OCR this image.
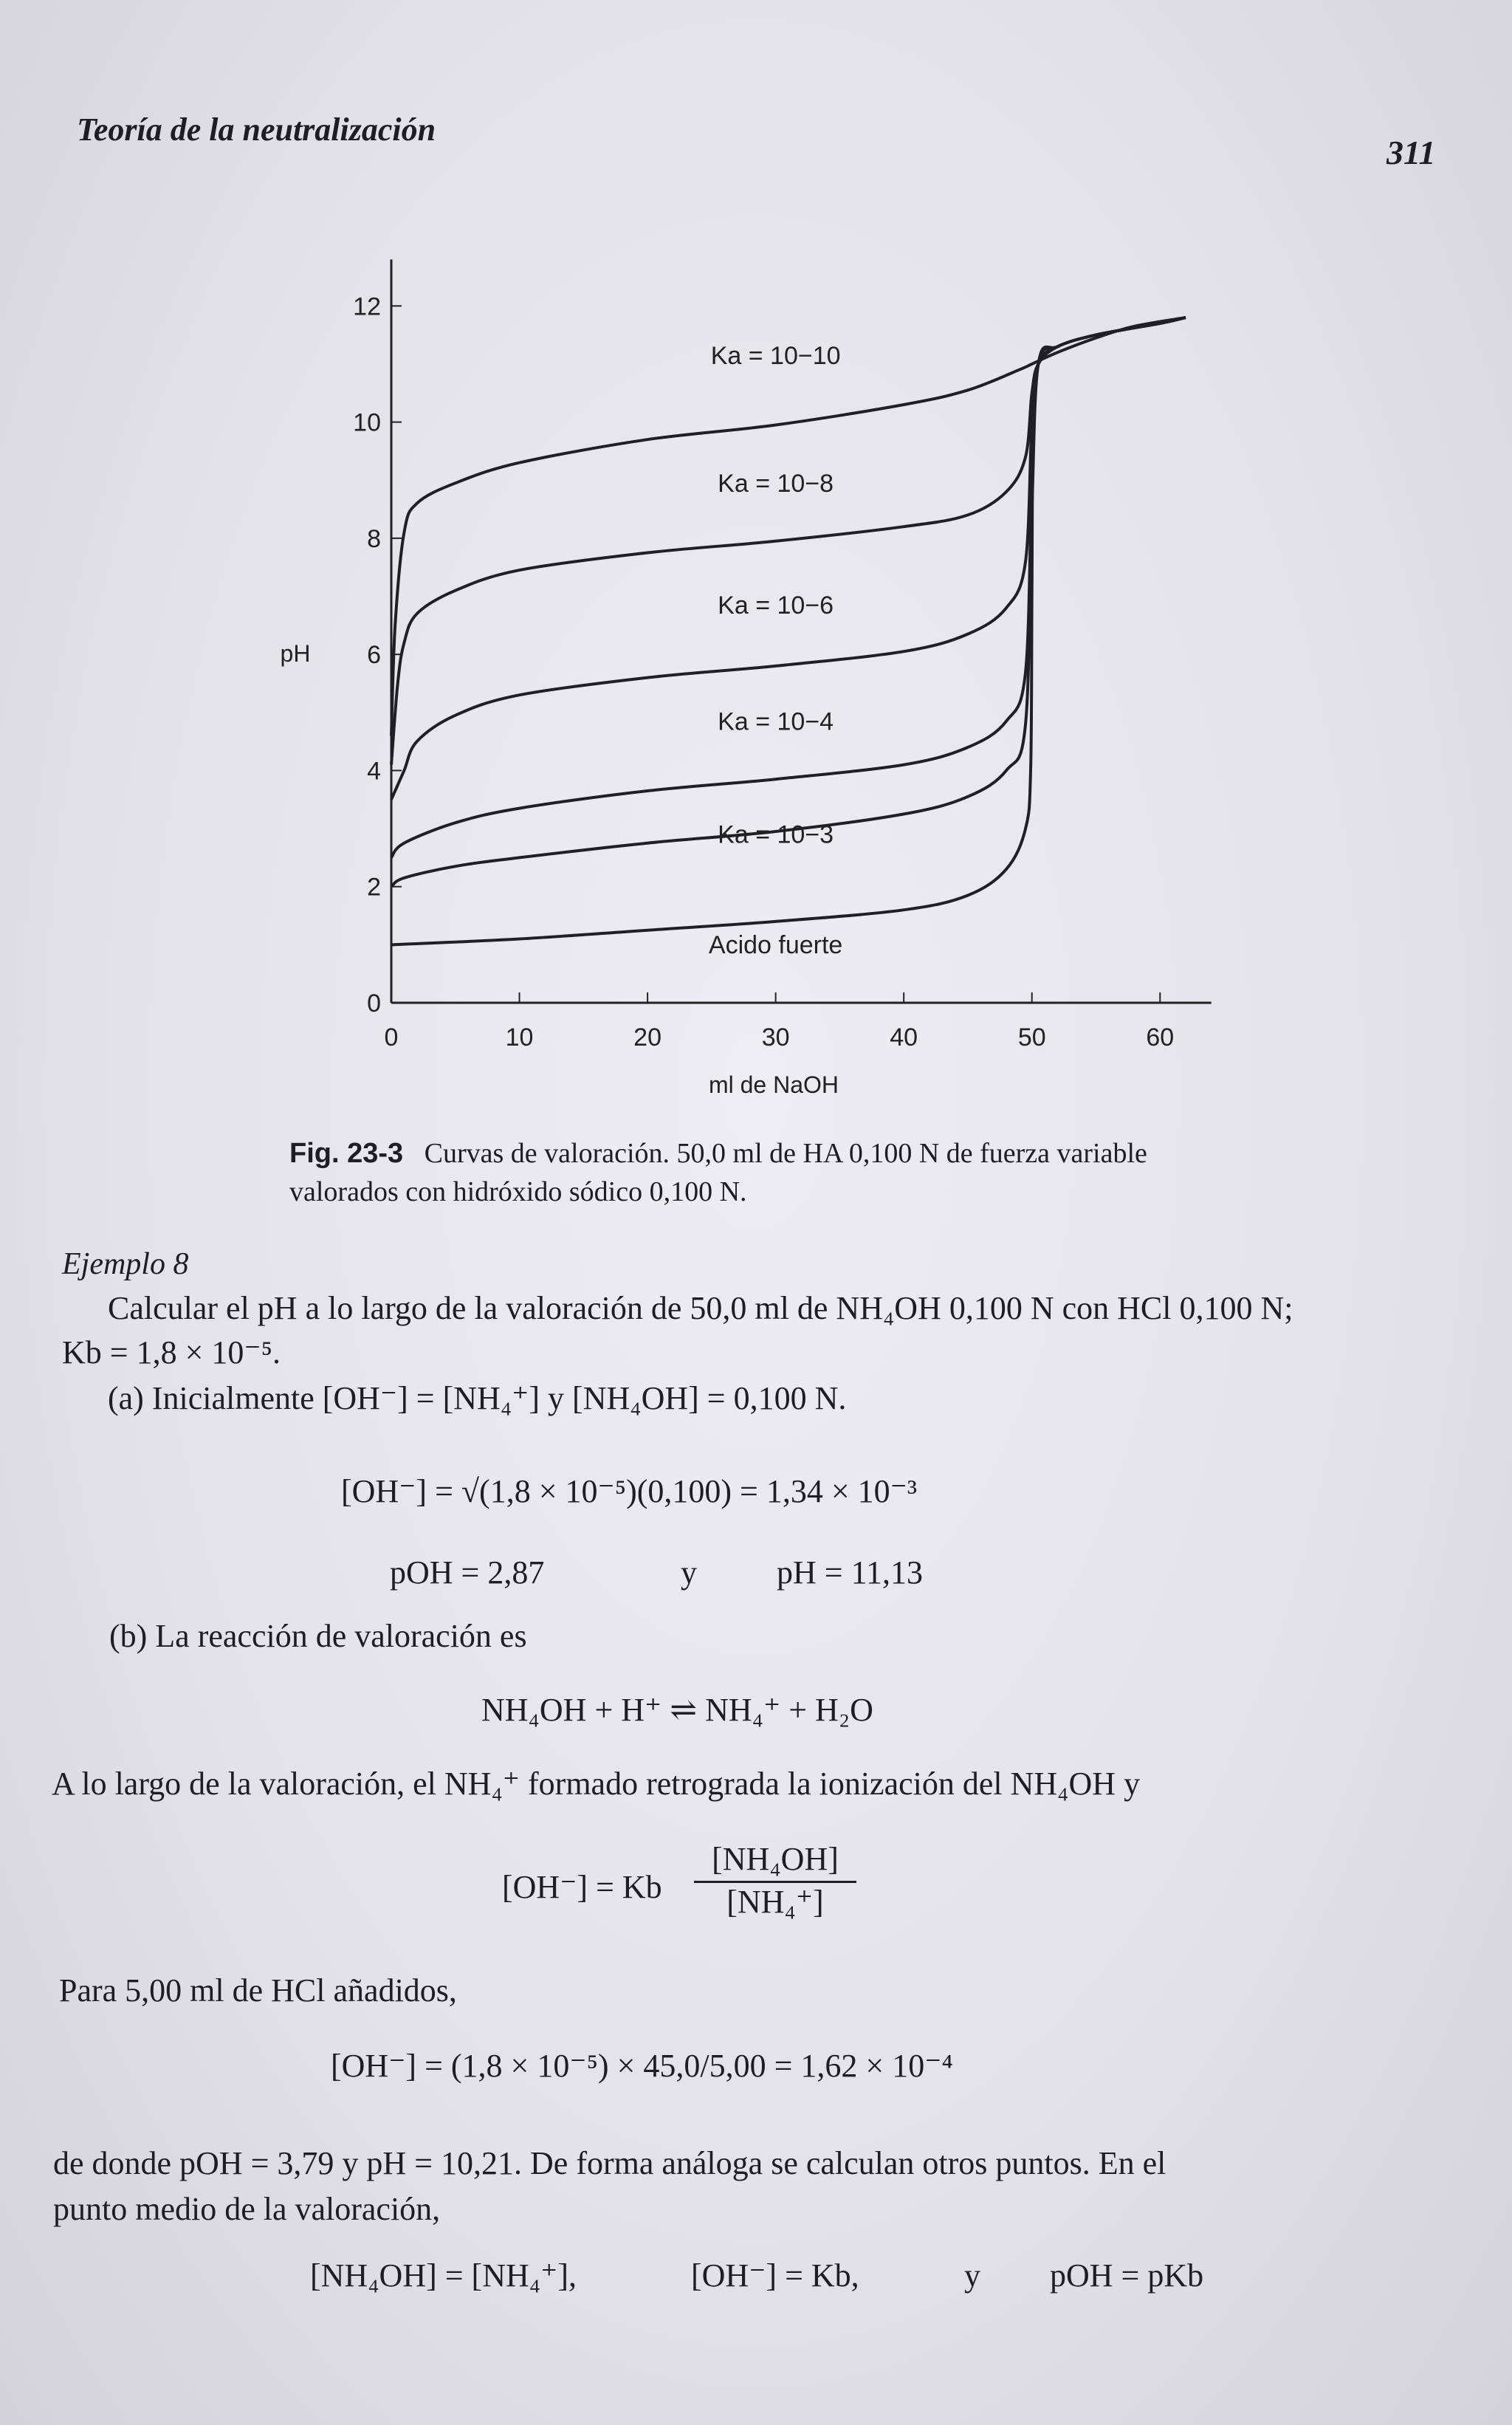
Teoría de la neutralización
311
0	10	20	30	40	50	60
0
2
4
6
8
10
12
ml de NaOH
pH
Ka = 10−10
Ka = 10−8
Ka = 10−6
Ka = 10−4
Ka = 10−3
Acido fuerte
Fig. 23-3 Curvas de valoración. 50,0 ml de HA 0,100 N de fuerza variable valorados con hidróxido sódico 0,100 N.
Ejemplo 8
Calcular el pH a lo largo de la valoración de 50,0 ml de NH₄OH 0,100 N con HCl 0,100 N;
Kb = 1,8 × 10⁻⁵.
(a) Inicialmente [OH⁻] = [NH₄⁺] y [NH₄OH] = 0,100 N.
[OH⁻] = √(1,8 × 10⁻⁵)(0,100) = 1,34 × 10⁻³
pOH = 2,87	y pH = 11,13
(b) La reacción de valoración es
NH₄OH + H⁺ ⇌ NH₄⁺ + H₂O
A lo largo de la valoración, el NH₄⁺ formado retrograda la ionización del NH₄OH y
[OH⁻] = Kb $\frac{\text{[NH₄OH]}}{\text{[NH₄⁺]}}$
Para 5,00 ml de HCl añadidos,
[OH⁻] = (1,8 × 10⁻⁵) × 45,0/5,00 = 1,62 × 10⁻⁴
de donde pOH = 3,79 y pH = 10,21. De forma análoga se calculan otros puntos. En el
punto medio de la valoración,
[NH₄OH] = [NH₄⁺],	[OH⁻] = Kb,	y pOH = pKb
